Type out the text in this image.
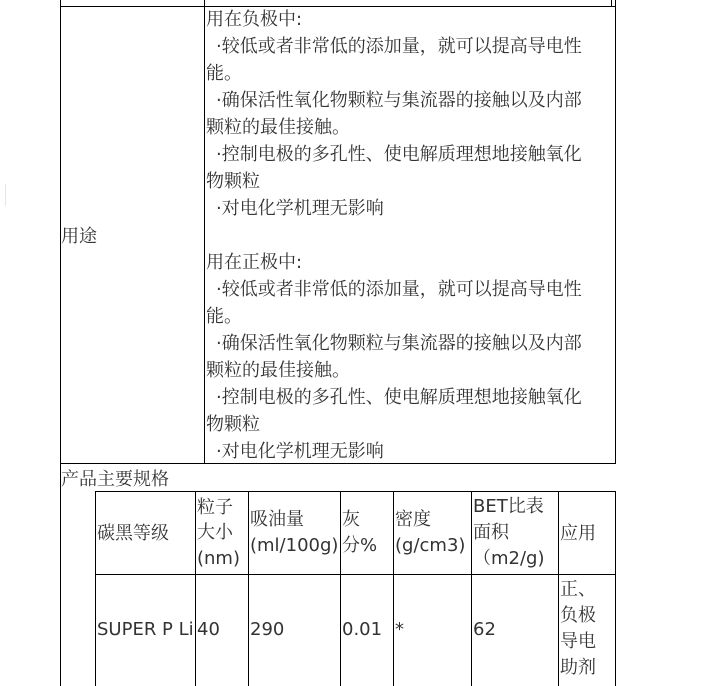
用途
用在负极中:
·较低或者非常低的添加量，就可以提高导电性
能。
·确保活性氧化物颗粒与集流器的接触以及内部
颗粒的最佳接触。
·控制电极的多孔性、使电解质理想地接触氧化
物颗粒
·对电化学机理无影响
用在正极中:
·较低或者非常低的添加量，就可以提高导电性
能。
·确保活性氧化物颗粒与集流器的接触以及内部
颗粒的最佳接触。
·控制电极的多孔性、使电解质理想地接触氧化
物颗粒
·对电化学机理无影响
产品主要规格
碳黑等级
粒子
大小
(nm)
吸油量
(ml/100g)
灰
分%
密度
(g/cm3)
BET比表
面积
（m2/g)
应用
SUPER P Li 40 290	0.01 *	62
正、
负极
导电
助剂
